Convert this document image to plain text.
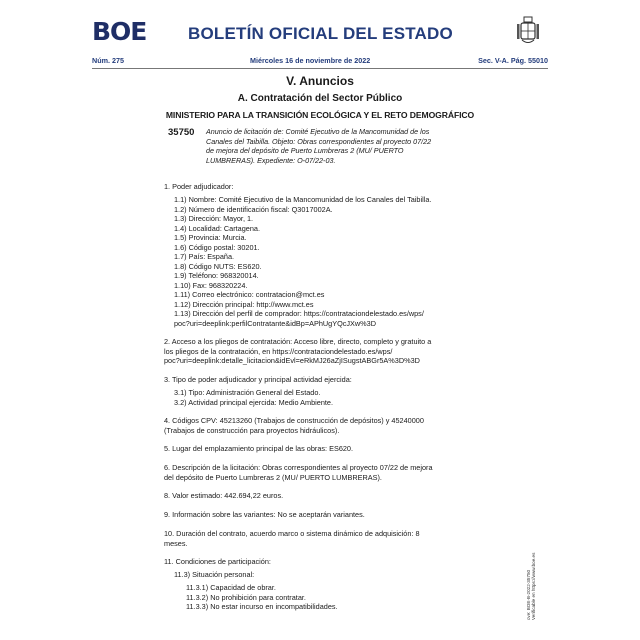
BOE BOLETÍN OFICIAL DEL ESTADO
Núm. 275	Miércoles 16 de noviembre de 2022	Sec. V-A. Pág. 55010
V. Anuncios
A. Contratación del Sector Público
MINISTERIO PARA LA TRANSICIÓN ECOLÓGICA Y EL RETO DEMOGRÁFICO
35750 Anuncio de licitación de: Comité Ejecutivo de la Mancomunidad de los
Canales del Taibilla. Objeto: Obras correspondientes al proyecto 07/22
de mejora del depósito de Puerto Lumbreras 2 (MU/ PUERTO
LUMBRERAS). Expediente: O-07/22-03.
1. Poder adjudicador:
1.1) Nombre: Comité Ejecutivo de la Mancomunidad de los Canales del Taibilla.
1.2) Número de identificación fiscal: Q3017002A.
1.3) Dirección: Mayor, 1.
1.4) Localidad: Cartagena.
1.5) Provincia: Murcia.
1.6) Código postal: 30201.
1.7) País: España.
1.8) Código NUTS: ES620.
1.9) Teléfono: 968320014.
1.10) Fax: 968320224.
1.11) Correo electrónico: contratacion@mct.es
1.12) Dirección principal: http://www.mct.es
1.13) Dirección del perfil de comprador: https://contrataciondelestado.es/wps/
poc?uri=deeplink:perfilContratante&idBp=APhUgYQcJXw%3D
2. Acceso a los pliegos de contratación: Acceso libre, directo, completo y gratuito a
los pliegos de la contratación, en https://contrataciondelestado.es/wps/
poc?uri=deeplink:detalle_licitacion&idEvl=eRkMJ26aZjISugstABGr5A%3D%3D
3. Tipo de poder adjudicador y principal actividad ejercida:
3.1) Tipo: Administración General del Estado.
3.2) Actividad principal ejercida: Medio Ambiente.
4. Códigos CPV: 45213260 (Trabajos de construcción de depósitos) y 45240000
(Trabajos de construcción para proyectos hidráulicos).
5. Lugar del emplazamiento principal de las obras: ES620.
6. Descripción de la licitación: Obras correspondientes al proyecto 07/22 de mejora
del depósito de Puerto Lumbreras 2 (MU/ PUERTO LUMBRERAS).
8. Valor estimado: 442.694,22 euros.
9. Información sobre las variantes: No se aceptarán variantes.
10. Duración del contrato, acuerdo marco o sistema dinámico de adquisición: 8
meses.
11. Condiciones de participación:
11.3) Situación personal:
11.3.1) Capacidad de obrar.
11.3.2) No prohibición para contratar.
11.3.3) No estar incurso en incompatibilidades.	cve: BOE-B-2022-35750 Verificable en https://www.boe.es
